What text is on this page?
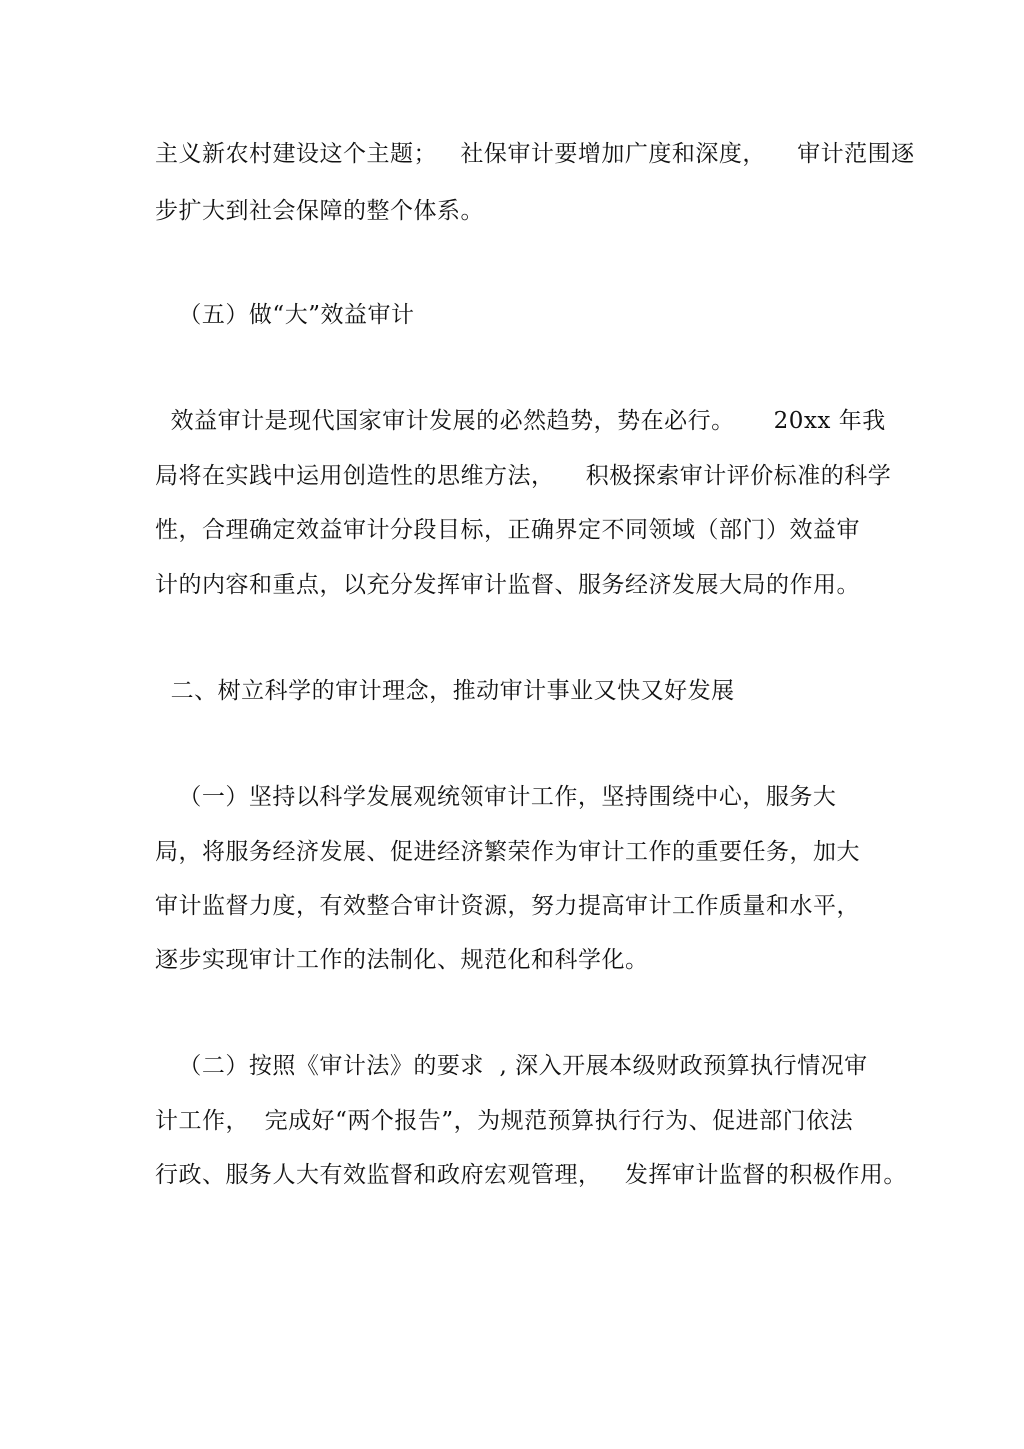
主义新农村建设这个主题；   社保审计要增加广度和深度，    审计范围逐
步扩大到社会保障的整个体系。
（五）做“大”效益审计
效益审计是现代国家审计发展的必然趋势，势在必行。     20xx 年我
局将在实践中运用创造性的思维方法，    积极探索审计评价标准的科学
性，合理确定效益审计分段目标，正确界定不同领域（部门）效益审
计的内容和重点，以充分发挥审计监督、服务经济发展大局的作用。
二、树立科学的审计理念，推动审计事业又快又好发展
（一）坚持以科学发展观统领审计工作，坚持围绕中心，服务大
局，将服务经济发展、促进经济繁荣作为审计工作的重要任务，加大
审计监督力度，有效整合审计资源，努力提高审计工作质量和水平，
逐步实现审计工作的法制化、规范化和科学化。
（二）按照《审计法》的要求  , 深入开展本级财政预算执行情况审
计工作，  完成好“两个报告”，为规范预算执行行为、促进部门依法
行政、服务人大有效监督和政府宏观管理，   发挥审计监督的积极作用。
